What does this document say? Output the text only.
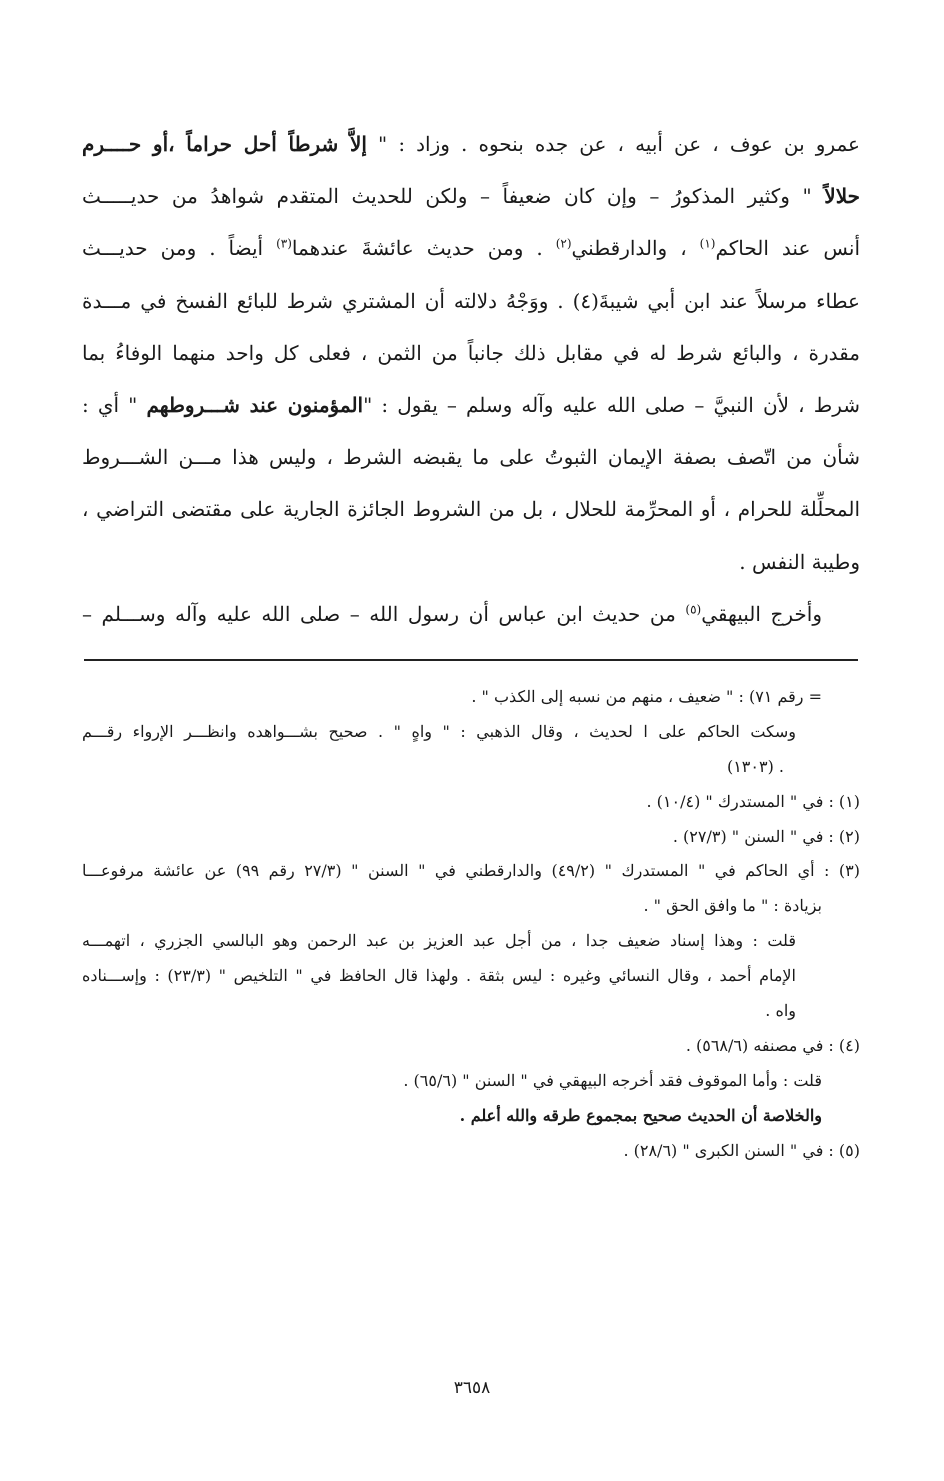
عمرو بن عوف ، عن أبيه ، عن جده بنحوه . وزاد : " إلاَّ شرطاً أحل حراماً ،أو حــــرم
حلالاً " وكثير المذكورُ – وإن كان ضعيفاً – ولكن للحديث المتقدم شواهدُ من حديـــــث
أنس عند الحاكم$^{(١)}$ ، والدارقطني$^{(٢)}$ . ومن حديث عائشةَ عندهما$^{(٣)}$ أيضاً . ومن حديـــث
عطاء مرسلاً عند ابن أبي شيبةَ(٤) . ووَجْهُ دلالته أن المشتري شرط للبائع الفسخ في مـــدة
مقدرة ، والبائع شرط له في مقابل ذلك جانباً من الثمن ، فعلى كل واحد منهما الوفاءُ بما
شرط ، لأن النبيَّ – صلى الله عليه وآله وسلم – يقول : "المؤمنون عند شـــروطهم " أي :
شأن من اتّصف بصفة الإيمان الثبوتُ على ما يقبضه الشرط ، وليس هذا مـــن الشـــروط
المحلِّلة للحرام ، أو المحرِّمة للحلال ، بل من الشروط الجائزة الجارية على مقتضى التراضي ،
وطيبة النفس .
وأخرج البيهقي$^{(٥)}$ من حديث ابن عباس أن رسول الله – صلى الله عليه وآله وســـلم –
= رقم ٧١) : " ضعيف ، منهم من نسبه إلى الكذب " .
وسكت الحاكم على ا لحديث ، وقال الذهبي : " واهٍ " . صحيح بشـــواهده وانظـــر الإرواء رقـــم
. (١٣٠٣)
(١) : في " المستدرك " (١٠/٤) .
(٢) : في " السنن " (٢٧/٣) .
(٣) : أي الحاكم في " المستدرك " (٤٩/٢) والدارقطني في " السنن " (٢٧/٣ رقم ٩٩) عن عائشة مرفوعـــا
بزيادة : " ما وافق الحق " .
قلت : وهذا إسناد ضعيف جدا ، من أجل عبد العزيز بن عبد الرحمن وهو البالسي الجزري ، اتهمـــه
الإمام أحمد ، وقال النسائي وغيره : ليس بثقة . ولهذا قال الحافظ في " التلخيص " (٢٣/٣) : وإســـناده
واه .
(٤) : في مصنفه (٥٦٨/٦) .
قلت : وأما الموقوف فقد أخرجه البيهقي في " السنن " (٦٥/٦) .
والخلاصة أن الحديث صحيح بمجموع طرقه والله أعلم .
(٥) : في " السنن الكبرى " (٢٨/٦) .
٣٦٥٨
